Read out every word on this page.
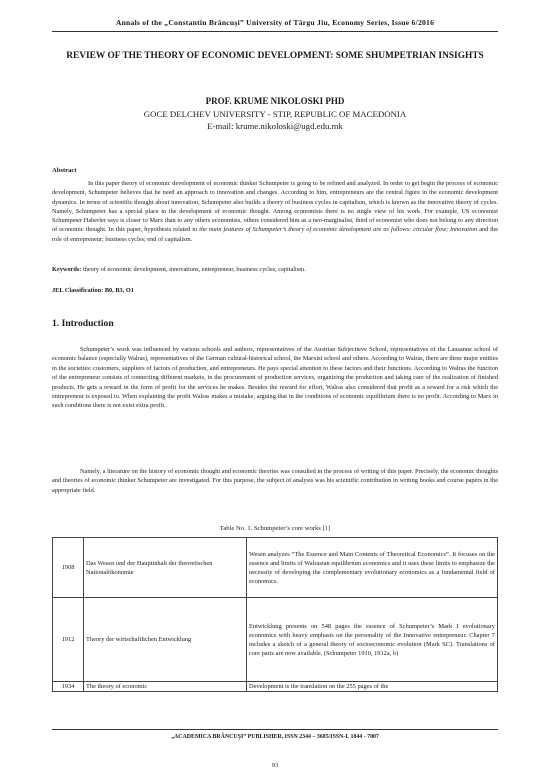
Annals of the „Constantin Brâncuşi” University of Târgu Jiu, Economy Series, Issue 6/2016
REVIEW OF THE THEORY OF ECONOMIC DEVELOPMENT: SOME SHUMPETRIAN INSIGHTS
PROF. KRUME NIKOLOSKI PHD
GOCE DELCHEV UNIVERSITY - STIP, REPUBLIC OF MACEDONIA
E-mail: krume.nikoloski@ugd.edu.mk
Abstract
In this paper theory of economic development of economic thinker Schumpeter is going to be refined and analyzed. In order to get begin the process of economic development, Schumpeter believes that he need an approach to innovation and changes. According to him, entrepreneurs are the central figure in the economic development dynamics. In terms of scientific thought about innovation, Schumpeter also builds a theory of business cycles in capitalism, which is known as the innovative theory of cycles. Namely, Schumpeter has a special place in the development of economic thought. Among economists there is no single view of his work. For example, US economist Schumpeter Haberler says is closer to Marx than to any others economists, others considered him as a neo-marginalist, third of economist who does not belong to any direction of economic thought. In this paper, hypothesis related to the main features of Schumpeter’s theory of economic development are as follows: circular flow; innovation and the role of entrepreneur; business cycles; end of capitalism.
Keywords: theory of economic development, innovations, entrepreneur, business cycles, capitalism.
JEL Classification: B0, B3, O1
1. Introduction
Schumpeter’s work was influenced by various schools and authors, representatives of the Austrian Subjectieve School, representatives of the Lausanne school of economic balance (especially Walras), representatives of the German cultural-historical school, the Marxist school and others. According to Walras, there are three major entities in the societies: customers, suppliers of factors of production, and entrepreneurs. He pays special attention to these factors and their functions. According to Walras the function of the entrepreneur consists of connecting different markets, in the procurement of production services, organizing the production and taking care of the realization of finished products. He gets a reward in the form of profit for the services he makes. Besides the reward for effort, Walras also considered that profit as a reward for a risk which the entrepreneur is exposed to. When explaining the profit Walras makes a mistake, arguing that in the conditions of economic equilibrium there is no profit. According to Marx in such conditions there is not exist extra profit.
Namely, a literature on the history of economic thought and economic theories was consulted in the process of writing of this paper. Precisely, the economic thoughts and theories of economic thinker Schumpeter are investigated. For this purpose, the subject of analysis was his scientific contribution in writing books and course papers in the appropriate field.
Table No. 1. Schumpeter’s core works [1]
1908	Das Wesen und der Hauptinhalt der theoretischen Nationalökonomie	Wesen analyzes “The Essence and Main Contents of Theoretical Economics”. It focuses on the essence and limits of Walrasian equilibrium economics and it uses these limits to emphasize the necessity of developing the complementary evolutionary economics as a fundamental field of economics.
1912	Theory der wirtschaftlichen Entwicklung	Entwicklung presents on 548 pages the essence of Schumpeter’s Mark I evolutionary economics with heavy emphasis on the personality of the Innovative entrepreneur. Chapter 7 includes a sketch of a general theory of socioeconomic evolution (Mark SC). Translations of core parts are now available. (Schumpeter 1910, 1912a, b)
1934	The theory of economic	Development is the translation on the 255 pages of the
„ACADEMICA BRÂNCUŞI” PUBLISHER, ISSN 2344 – 3685/ISSN-L 1844 - 7007
93
